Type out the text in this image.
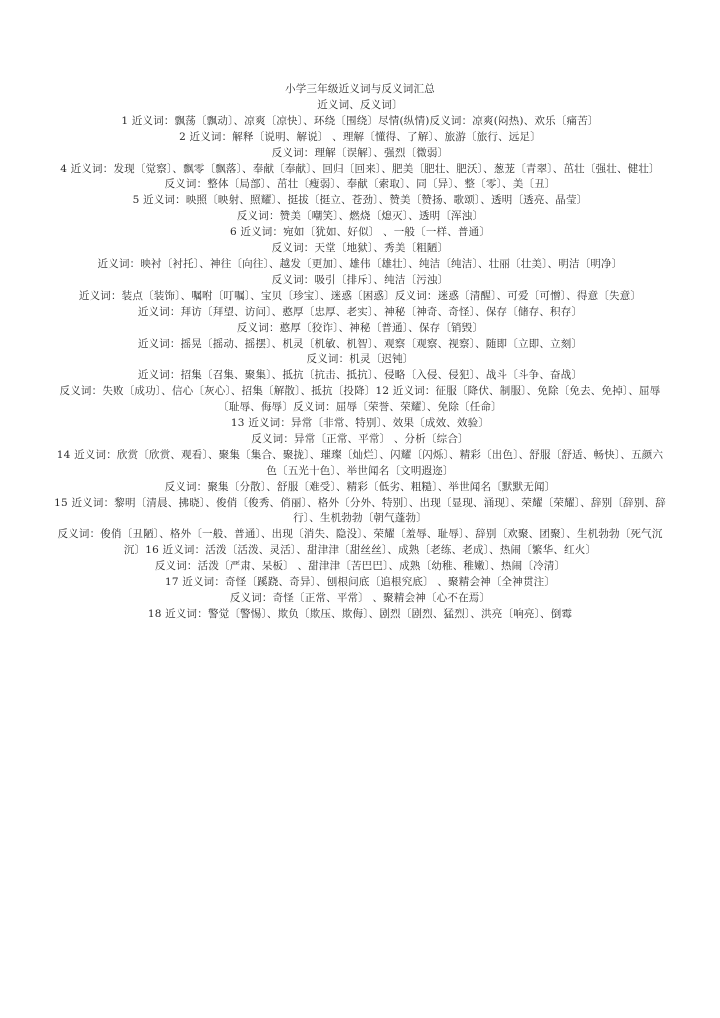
小学三年级近义词与反义词汇总

近义词、反义词〕

1 近义词：飘荡〔飘动〕、凉爽〔凉快〕、环绕〔围绕〕尽情(纵情)反义词：凉爽(闷热)、欢乐〔痛苦〕

2 近义词：解释〔说明、解说〕 、理解〔懂得、了解〕、旅游〔旅行、远足〕

反义词：理解〔误解〕、强烈〔微弱〕

4 近义词：发现〔觉察〕、飘零〔飘落〕、奉献〔奉献〕、回归〔回来〕、肥美〔肥壮、肥沃〕、葱茏〔青翠〕、茁壮〔强壮、健壮〕

反义词：整体〔局部〕、茁壮〔瘦弱〕、奉献〔索取〕、同〔异〕、整〔零〕、美〔丑〕

5 近义词：映照〔映射、照耀〕、挺拔〔挺立、苍劲〕、赞美〔赞扬、歌颂〕、透明〔透亮、晶莹〕

反义词：赞美〔嘲笑〕、燃烧〔熄灭〕、透明〔浑浊〕

6 近义词：宛如〔犹如、好似〕 、一般〔一样、普通〕

反义词：天堂〔地狱〕、秀美〔粗陋〕

近义词：映衬〔衬托〕、神往〔向往〕、越发〔更加〕、雄伟〔雄壮〕、纯洁〔纯洁〕、壮丽〔壮美〕、明洁〔明净〕

反义词：吸引〔排斥〕、纯洁〔污浊〕

近义词：装点〔装饰〕、嘱咐〔叮嘱〕、宝贝〔珍宝〕、迷惑〔困惑〕反义词：迷惑〔清醒〕、可爱〔可憎〕、得意〔失意〕

近义词：拜访〔拜望、访问〕、憨厚〔忠厚、老实〕、神秘〔神奇、奇怪〕、保存〔储存、积存〕

反义词：憨厚〔狡诈〕、神秘〔普通〕、保存〔销毁〕

近义词：摇晃〔摇动、摇摆〕、机灵〔机敏、机智〕、观察〔观察、视察〕、随即〔立即、立刻〕

反义词：机灵〔迟钝〕

近义词：招集〔召集、聚集〕、抵抗〔抗击、抵抗〕、侵略〔入侵、侵犯〕、战斗〔斗争、奋战〕

反义词：失败〔成功〕、信心〔灰心〕、招集〔解散〕、抵抗〔投降〕12 近义词：征服〔降伏、制服〕、免除〔免去、免掉〕、屈辱〔耻辱、侮辱〕反义词：屈辱〔荣誉、荣耀〕、免除〔任命〕

13 近义词：异常〔非常、特别〕、效果〔成效、效验〕

反义词：异常〔正常、平常〕 、分析〔综合〕

14 近义词：欣赏〔欣赏、观看〕、聚集〔集合、聚拢〕、璀璨〔灿烂〕、闪耀〔闪烁〕、精彩〔出色〕、舒服〔舒适、畅快〕、五颜六色〔五光十色〕、举世闻名〔文明遐迩〕

反义词：聚集〔分散〕、舒服〔难受〕、精彩〔低劣、粗糙〕、举世闻名〔默默无闻〕

15 近义词：黎明〔清晨、拂晓〕、俊俏〔俊秀、俏丽〕、格外〔分外、特别〕、出现〔显现、涌现〕、荣耀〔荣耀〕、辞别〔辞别、辞行〕、生机勃勃〔朝气蓬勃〕

反义词：俊俏〔丑陋〕、格外〔一般、普通〕、出现〔消失、隐没〕、荣耀〔羞辱、耻辱〕、辞别〔欢聚、团聚〕、生机勃勃〔死气沉沉〕16 近义词：活泼〔活泼、灵活〕、甜津津〔甜丝丝〕、成熟〔老练、老成〕、热闹〔繁华、红火〕

反义词：活泼〔严肃、呆板〕 、甜津津〔苦巴巴〕、成熟〔幼稚、稚嫩〕、热闹〔冷清〕

17 近义词：奇怪〔蹊跷、奇异〕、刨根问底〔追根究底〕 、聚精会神〔全神贯注〕

反义词：奇怪〔正常、平常〕 、聚精会神〔心不在焉〕

18 近义词：警觉〔警惕〕、欺负〔欺压、欺侮〕、剧烈〔剧烈、猛烈〕、洪亮〔响亮〕、倒霉
